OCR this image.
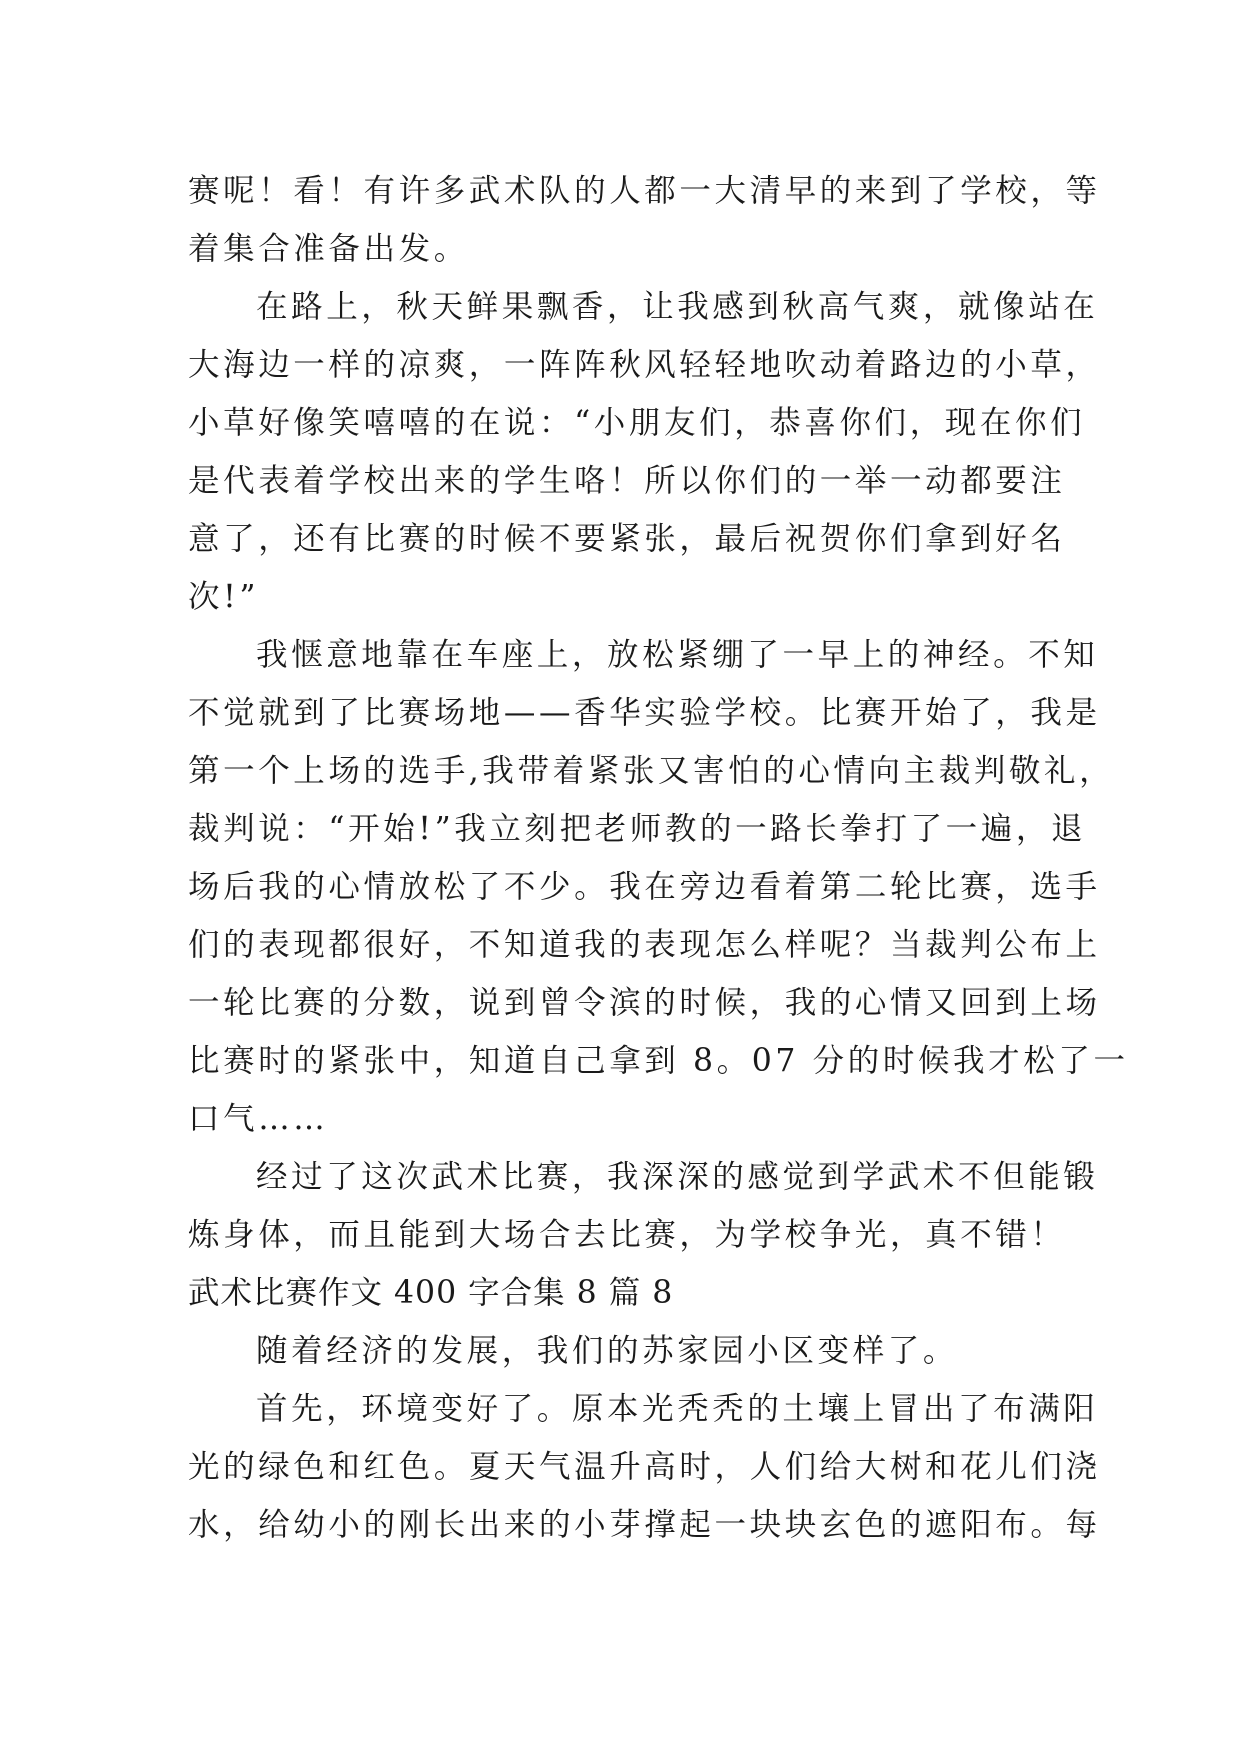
赛呢！看！有许多武术队的人都一大清早的来到了学校，等
着集合准备出发。
在路上，秋天鲜果飘香，让我感到秋高气爽，就像站在
大海边一样的凉爽，一阵阵秋风轻轻地吹动着路边的小草，
小草好像笑嘻嘻的在说：“小朋友们，恭喜你们，现在你们
是代表着学校出来的学生咯！所以你们的一举一动都要注
意了，还有比赛的时候不要紧张，最后祝贺你们拿到好名
次!”
我惬意地靠在车座上，放松紧绷了一早上的神经。不知
不觉就到了比赛场地——香华实验学校。比赛开始了，我是
第一个上场的选手,我带着紧张又害怕的心情向主裁判敬礼，
裁判说：“开始!”我立刻把老师教的一路长拳打了一遍，退
场后我的心情放松了不少。我在旁边看着第二轮比赛，选手
们的表现都很好，不知道我的表现怎么样呢？当裁判公布上
一轮比赛的分数，说到曾令滨的时候，我的心情又回到上场
比赛时的紧张中，知道自己拿到 8。07 分的时候我才松了一
口气……
经过了这次武术比赛，我深深的感觉到学武术不但能锻
炼身体，而且能到大场合去比赛，为学校争光，真不错！
武术比赛作文 400 字合集 8 篇 8
随着经济的发展，我们的苏家园小区变样了。
首先，环境变好了。原本光秃秃的土壤上冒出了布满阳
光的绿色和红色。夏天气温升高时，人们给大树和花儿们浇
水，给幼小的刚长出来的小芽撑起一块块玄色的遮阳布。每
